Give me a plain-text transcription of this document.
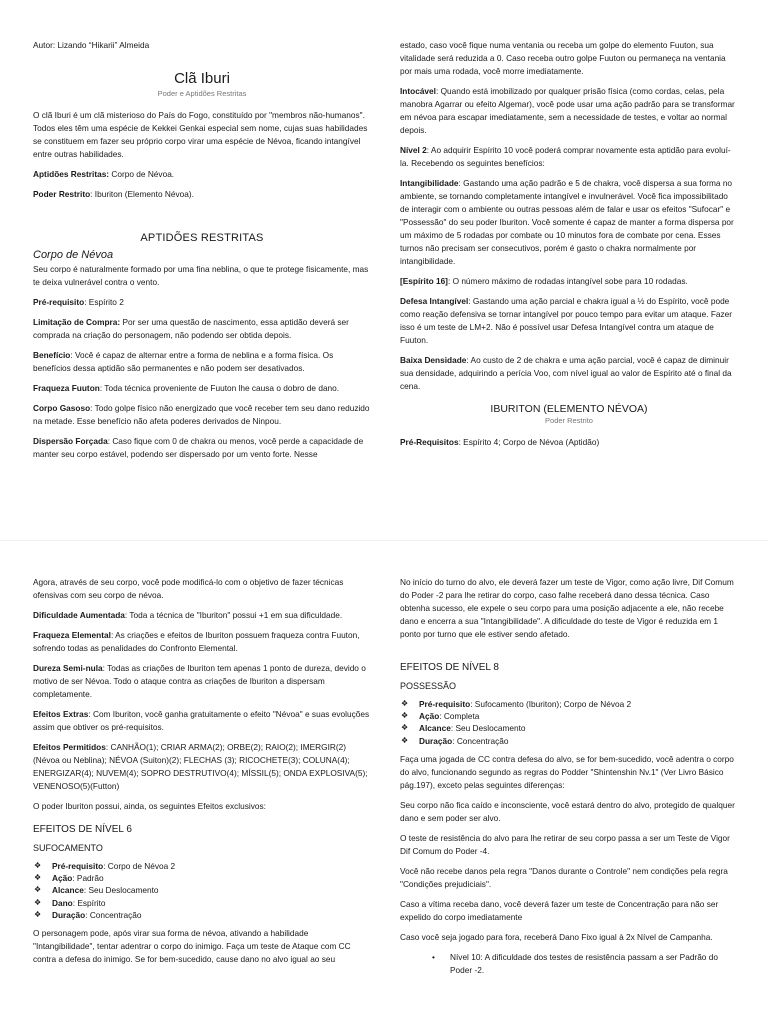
Autor: Lizando “Hikarii” Almeida

Clã Iburi
Poder e Aptidões Restritas

O clã Iburi é um clã misterioso do País do Fogo, constituído por "membros não-humanos". Todos eles têm uma espécie de Kekkei Genkai especial sem nome, cujas suas habilidades se constituem em fazer seu próprio corpo virar uma espécie de Névoa, ficando intangível entre outras habilidades.

Aptidões Restritas: Corpo de Névoa.

Poder Restrito: Iburiton (Elemento Névoa).

APTIDÕES RESTRITAS
Corpo de Névoa

Seu corpo é naturalmente formado por uma fina neblina, o que te protege fisicamente, mas te deixa vulnerável contra o vento.

Pré-requisito: Espírito 2

Limitação de Compra: Por ser uma questão de nascimento, essa aptidão deverá ser comprada na criação do personagem, não podendo ser obtida depois.

Benefício: Você é capaz de alternar entre a forma de neblina e a forma física. Os benefícios dessa aptidão são permanentes e não podem ser desativados.

Fraqueza Fuuton: Toda técnica proveniente de Fuuton lhe causa o dobro de dano.

Corpo Gasoso: Todo golpe físico não energizado que você receber tem seu dano reduzido na metade. Esse benefício não afeta poderes derivados de Ninpou.

Dispersão Forçada: Caso fique com 0 de chakra ou menos, você perde a capacidade de manter seu corpo estável, podendo ser dispersado por um vento forte. Nesse

estado, caso você fique numa ventania ou receba um golpe do elemento Fuuton, sua vitalidade será reduzida a 0. Caso receba outro golpe Fuuton ou permaneça na ventania por mais uma rodada, você morre imediatamente.

Intocável: Quando está imobilizado por qualquer prisão física (como cordas, celas, pela manobra Agarrar ou efeito Algemar), você pode usar uma ação padrão para se transformar em névoa para escapar imediatamente, sem a necessidade de testes, e voltar ao normal depois.

Nível 2: Ao adquirir Espírito 10 você poderá comprar novamente esta aptidão para evoluí-la. Recebendo os seguintes benefícios:

Intangibilidade: Gastando uma ação padrão e 5 de chakra, você dispersa a sua forma no ambiente, se tornando completamente intangível e invulnerável. Você fica impossibilitado de interagir com o ambiente ou outras pessoas além de falar e usar os efeitos "Sufocar" e "Possessão" do seu poder Iburiton. Você somente é capaz de manter a forma dispersa por um máximo de 5 rodadas por combate ou 10 minutos fora de combate por cena. Esses turnos não precisam ser consecutivos, porém é gasto o chakra normalmente por intangibilidade.

[Espírito 16]: O número máximo de rodadas intangível sobe para 10 rodadas.

Defesa Intangível: Gastando uma ação parcial e chakra igual a ½ do Espírito, você pode como reação defensiva se tornar intangível por pouco tempo para evitar um ataque. Fazer isso é um teste de LM+2. Não é possível usar Defesa Intangível contra um ataque de Fuuton.

Baixa Densidade: Ao custo de 2 de chakra e uma ação parcial, você é capaz de diminuir sua densidade, adquirindo a perícia Voo, com nível igual ao valor de Espírito até o final da cena.

IBURITON (ELEMENTO NÉVOA)
Poder Restrito

Pré-Requisitos: Espírito 4; Corpo de Névoa (Aptidão)

Agora, através de seu corpo, você pode modificá-lo com o objetivo de fazer técnicas ofensivas com seu corpo de névoa.

Dificuldade Aumentada: Toda a técnica de "Iburiton" possui +1 em sua dificuldade.

Fraqueza Elemental: As criações e efeitos de Iburiton possuem fraqueza contra Fuuton, sofrendo todas as penalidades do Confronto Elemental.

Dureza Semi-nula: Todas as criações de Iburiton tem apenas 1 ponto de dureza, devido o motivo de ser Névoa. Todo o ataque contra as criações de Iburiton a dispersam completamente.

Efeitos Extras: Com Iburiton, você ganha gratuitamente o efeito "Névoa" e suas evoluções assim que obtiver os pré-requisitos.

Efeitos Permitidos: CANHÃO(1); CRIAR ARMA(2); ORBE(2); RAIO(2); IMERGIR(2) (Névoa ou Neblina); NÉVOA (Suiton)(2); FLECHAS (3); RICOCHETE(3); COLUNA(4); ENERGIZAR(4); NUVEM(4); SOPRO DESTRUTIVO(4); MÍSSIL(5); ONDA EXPLOSIVA(5); VENENOSO(5)(Futton)

O poder Iburiton possui, ainda, os seguintes Efeitos exclusivos:

EFEITOS DE NÍVEL 6
SUFOCAMENTO
❖	Pré-requisito: Corpo de Névoa 2
❖	Ação: Padrão
❖	Alcance: Seu Deslocamento
❖	Dano: Espírito
❖	Duração: Concentração

O personagem pode, após virar sua forma de névoa, ativando a habilidade "Intangibilidade", tentar adentrar o corpo do inimigo. Faça um teste de Ataque com CC contra a defesa do inimigo. Se for bem-sucedido, cause dano no alvo igual ao seu

No início do turno do alvo, ele deverá fazer um teste de Vigor, como ação livre, Dif Comum do Poder -2 para lhe retirar do corpo, caso falhe receberá dano dessa técnica. Caso obtenha sucesso, ele expele o seu corpo para uma posição adjacente a ele, não recebe dano e encerra a sua "Intangibilidade". A dificuldade do teste de Vigor é reduzida em 1 ponto por turno que ele estiver sendo afetado.

EFEITOS DE NÍVEL 8
POSSESSÃO
❖	Pré-requisito: Sufocamento (Iburiton); Corpo de Névoa 2
❖	Ação: Completa
❖	Alcance: Seu Deslocamento
❖	Duração: Concentração

Faça uma jogada de CC contra defesa do alvo, se for bem-sucedido, você adentra o corpo do alvo, funcionando segundo as regras do Podder "Shintenshin Nv.1" (Ver Livro Básico pág.197), exceto pelas seguintes diferenças:

Seu corpo não fica caído e inconsciente, você estará dentro do alvo, protegido de qualquer dano e sem poder ser alvo.

O teste de resistência do alvo para lhe retirar de seu corpo passa a ser um Teste de Vigor Dif Comum do Poder -4.

Você não recebe danos pela regra "Danos durante o Controle" nem condições pela regra "Condições prejudiciais".

Caso a vítima receba dano, você deverá fazer um teste de Concentração para não ser expelido do corpo imediatamente

Caso você seja jogado para fora, receberá Dano Fixo igual à 2x Nível de Campanha.

•	Nível 10: A dificuldade dos testes de resistência passam a ser Padrão do Poder -2.
